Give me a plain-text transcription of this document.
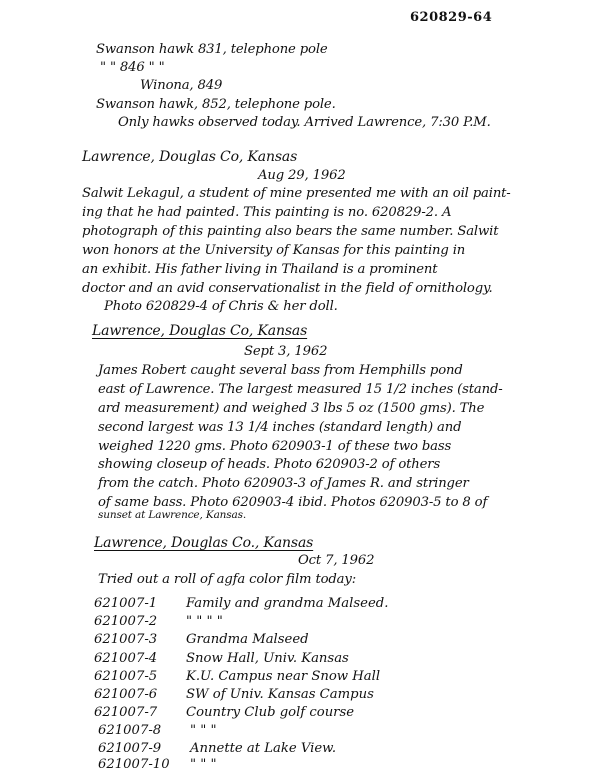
620829-64
Swanson hawk 831, telephone pole
" " 846 " "
Winona, 849
Swanson hawk, 852, telephone pole.
Only hawks observed today. Arrived Lawrence, 7:30 P.M.
Lawrence, Douglas Co, Kansas
Aug 29, 1962
Salwit Lekagul, a student of mine presented me with an oil paint-
ing that he had painted. This painting is no. 620829-2. A
photograph of this painting also bears the same number. Salwit
won honors at the University of Kansas for this painting in
an exhibit. His father living in Thailand is a prominent
doctor and an avid conservationalist in the field of ornithology.
Photo 620829-4 of Chris & her doll.
Lawrence, Douglas Co, Kansas
Sept 3, 1962
James Robert caught several bass from Hemphills pond
east of Lawrence. The largest measured 15 1/2 inches (stand-
ard measurement) and weighed 3 lbs 5 oz (1500 gms). The
second largest was 13 1/4 inches (standard length) and
weighed 1220 gms. Photo 620903-1 of these two bass
showing closeup of heads. Photo 620903-2 of others
from the catch. Photo 620903-3 of James R. and stringer
of same bass. Photo 620903-4 ibid. Photos 620903-5 to 8 of
sunset at Lawrence, Kansas.
Lawrence, Douglas Co., Kansas
Oct 7, 1962
Tried out a roll of agfa color film today:
621007-1 Family and grandma Malseed.
621007-2 " " " "
621007-3 Grandma Malseed
621007-4 Snow Hall, Univ. Kansas
621007-5 K.U. Campus near Snow Hall
621007-6 SW of Univ. Kansas Campus
621007-7 Country Club golf course
621007-8 " " "
621007-9 Annette at Lake View.
621007-10 " " "
